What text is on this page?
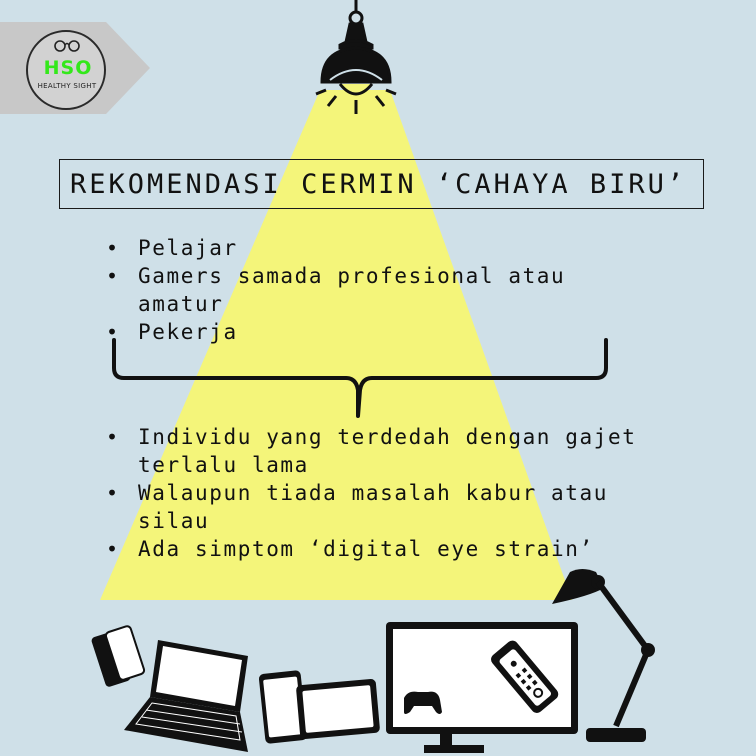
HSO
HEALTHY SIGHT
REKOMENDASI CERMIN ‘CAHAYA BIRU’
• Pelajar
• Gamers samada profesional atau amatur
• Pekerja
• Individu yang terdedah dengan gajet terlalu lama
• Walaupun tiada masalah kabur atau silau
• Ada simptom ‘digital eye strain’
